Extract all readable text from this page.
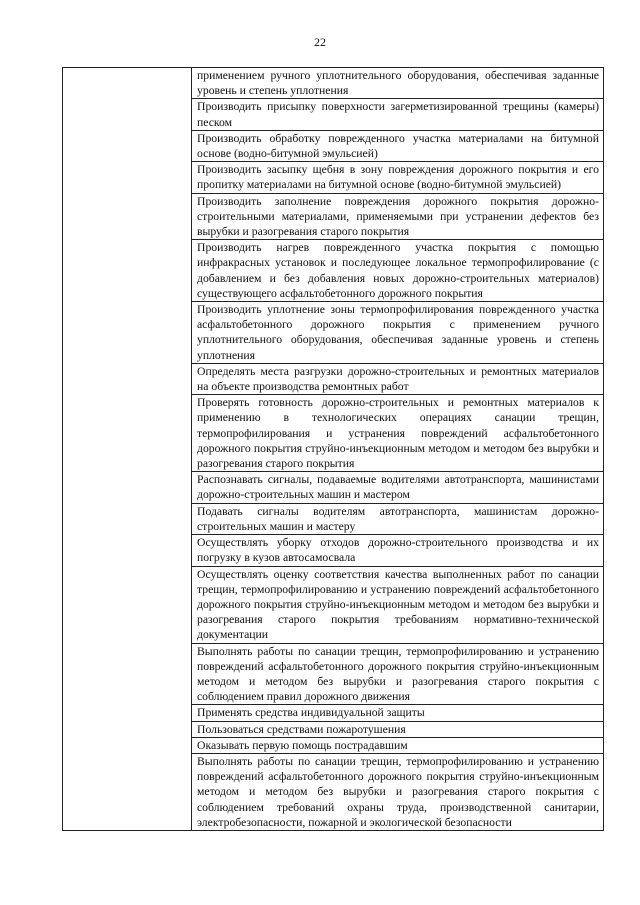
22
	применением ручного уплотнительного оборудования, обеспечивая заданные уровень и степень уплотнения
Производить присыпку поверхности загерметизированной трещины (камеры) песком
Производить обработку поврежденного участка материалами на битумной основе (водно-битумной эмульсией)
Производить засыпку щебня в зону повреждения дорожного покрытия и его пропитку материалами на битумной основе (водно-битумной эмульсией)
Производить заполнение повреждения дорожного покрытия дорожно-строительными материалами, применяемыми при устранении дефектов без вырубки и разогревания старого покрытия
Производить нагрев поврежденного участка покрытия с помощью инфракрасных установок и последующее локальное термопрофилирование (с добавлением и без добавления новых дорожно-строительных материалов) существующего асфальтобетонного дорожного покрытия
Производить уплотнение зоны термопрофилирования поврежденного участка асфальтобетонного дорожного покрытия с применением ручного уплотнительного оборудования, обеспечивая заданные уровень и степень уплотнения
Определять места разгрузки дорожно-строительных и ремонтных материалов на объекте производства ремонтных работ
Проверять готовность дорожно-строительных и ремонтных материалов к применению в технологических операциях санации трещин, термопрофилирования и устранения повреждений асфальтобетонного дорожного покрытия струйно-инъекционным методом и методом без вырубки и разогревания старого покрытия
Распознавать сигналы, подаваемые водителями автотранспорта, машинистами дорожно-строительных машин и мастером
Подавать сигналы водителям автотранспорта, машинистам дорожно-строительных машин и мастеру
Осуществлять уборку отходов дорожно-строительного производства и их погрузку в кузов автосамосвала
Осуществлять оценку соответствия качества выполненных работ по санации трещин, термопрофилированию и устранению повреждений асфальтобетонного дорожного покрытия струйно-инъекционным методом и методом без вырубки и разогревания старого покрытия требованиям нормативно-технической документации
Выполнять работы по санации трещин, термопрофилированию и устранению повреждений асфальтобетонного дорожного покрытия струйно-инъекционным методом и методом без вырубки и разогревания старого покрытия с соблюдением правил дорожного движения
Применять средства индивидуальной защиты
Пользоваться средствами пожаротушения
Оказывать первую помощь пострадавшим
Выполнять работы по санации трещин, термопрофилированию и устранению повреждений асфальтобетонного дорожного покрытия струйно-инъекционным методом и методом без вырубки и разогревания старого покрытия с соблюдением требований охраны труда, производственной санитарии, электробезопасности, пожарной и экологической безопасности
